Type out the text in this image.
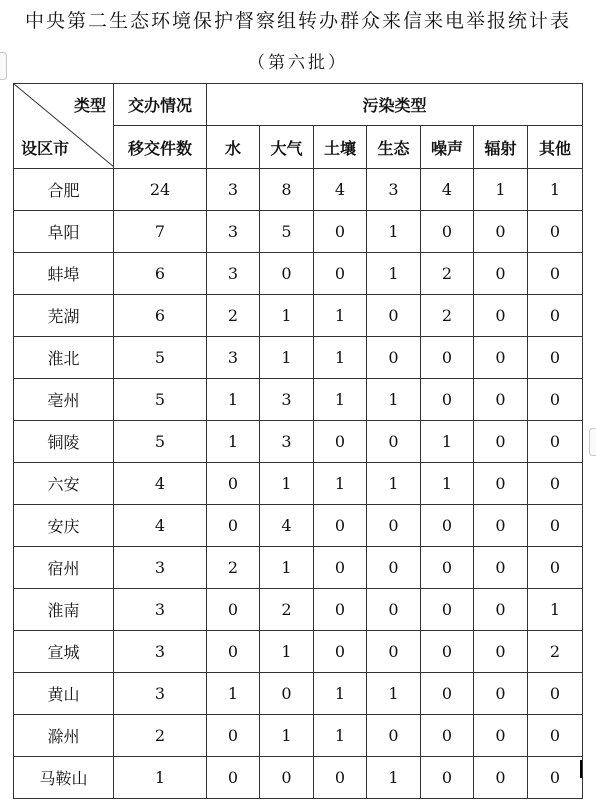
中央第二生态环境保护督察组转办群众来信来电举报统计表
（第六批）
类型
设区市	交办情况	污染类型						
	移交件数	水	大气	土壤	生态	噪声	辐射	其他
合肥	24	3	8	4	3	4	1	1
阜阳	7	3	5	0	1	0	0	0
蚌埠	6	3	0	0	1	2	0	0
芜湖	6	2	1	1	0	2	0	0
淮北	5	3	1	1	0	0	0	0
亳州	5	1	3	1	1	0	0	0
铜陵	5	1	3	0	0	1	0	0
六安	4	0	1	1	1	1	0	0
安庆	4	0	4	0	0	0	0	0
宿州	3	2	1	0	0	0	0	0
淮南	3	0	2	0	0	0	0	1
宣城	3	0	1	0	0	0	0	2
黄山	3	1	0	1	1	0	0	0
滁州	2	0	1	1	0	0	0	0
马鞍山	1	0	0	0	1	0	0	0
